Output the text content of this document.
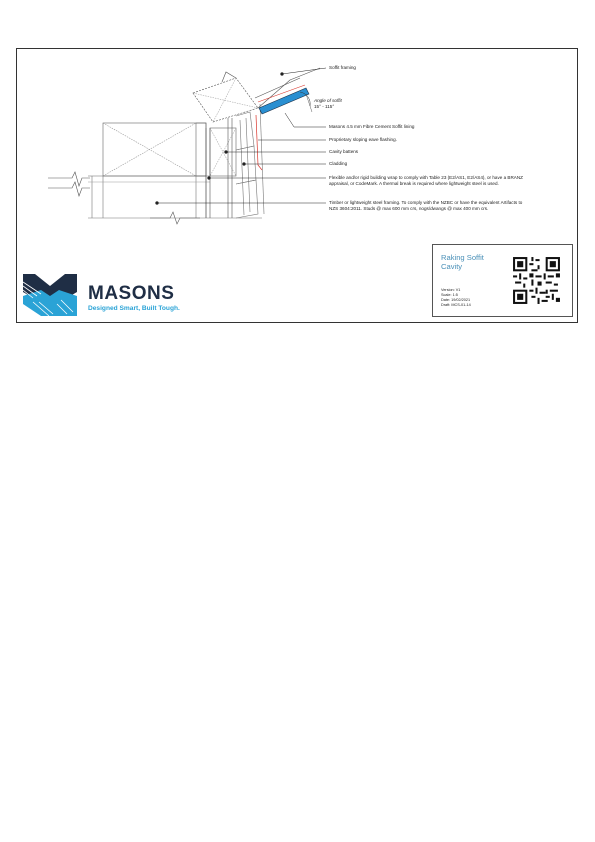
Soffit framing
Angle of soffit
15° - 115°
Masons 4.5 mm Fibre Cement Soffit lining
Proprietary sloping eave flashing.
Cavity battens
Cladding
Flexible and/or rigid building wrap to comply with Table 23 (E2/AS1, E2/AS4), or have a BRANZ appraisal, or CodeMark. A thermal break is required where lightweight steel is used.
Timber or lightweight steel framing. To comply with the NZBC or have the equivalent Artifacts to NZS 3604:2011. Studs @ max 600 mm crs, nogs/dwangs @ max 400 mm crs.
Raking Soffit
Cavity
Version: V1
Scale: 1:5
Date: 19/02/2021
Draft: MCS-01-14
MASONS
Designed Smart, Built Tough.
